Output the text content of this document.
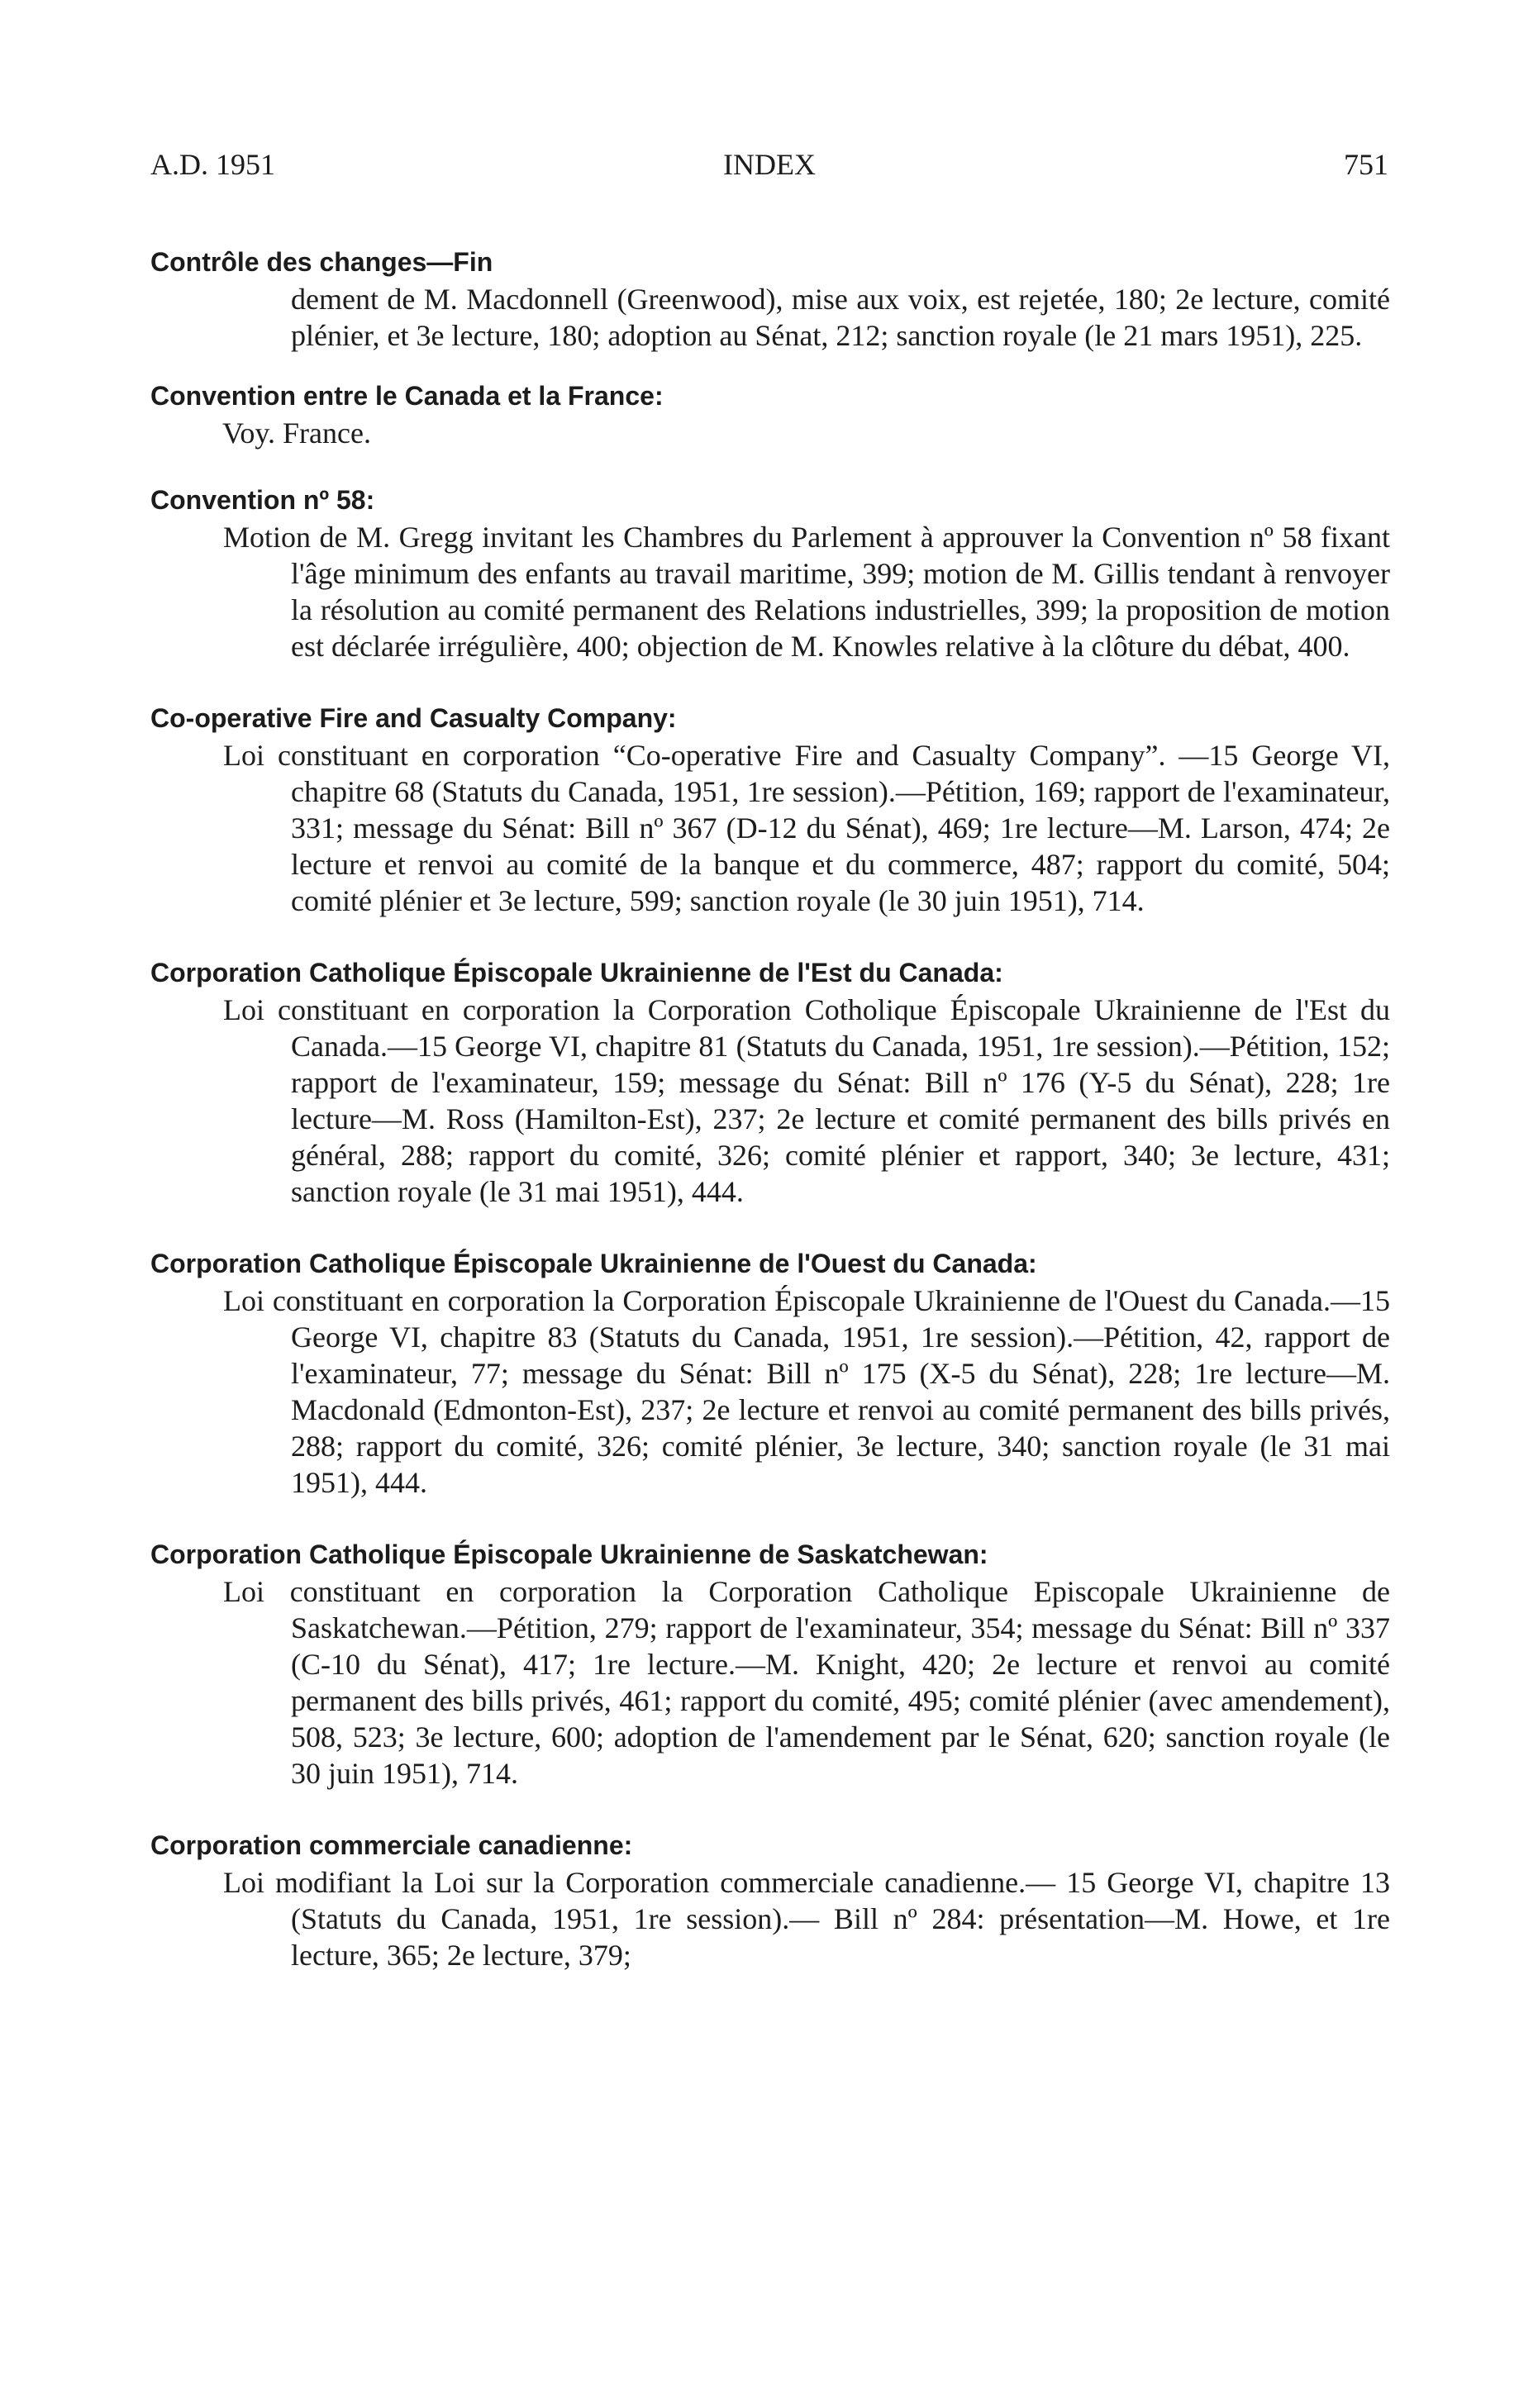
A.D. 1951	INDEX	751
Contrôle des changes—Fin

dement de M. Macdonnell (Greenwood), mise aux voix, est rejetée, 180; 2e lecture, comité plénier, et 3e lecture, 180; adoption au Sénat, 212; sanction royale (le 21 mars 1951), 225.

Convention entre le Canada et la France:

Voy. France.

Convention nº 58:

Motion de M. Gregg invitant les Chambres du Parlement à approuver la Convention nº 58 fixant l'âge minimum des enfants au travail maritime, 399; motion de M. Gillis tendant à renvoyer la résolution au comité permanent des Relations industrielles, 399; la proposition de motion est déclarée irrégulière, 400; objection de M. Knowles relative à la clôture du débat, 400.

Co-operative Fire and Casualty Company:

Loi constituant en corporation “Co-operative Fire and Casualty Company”. —15 George VI, chapitre 68 (Statuts du Canada, 1951, 1re session).—Pétition, 169; rapport de l'examinateur, 331; message du Sénat: Bill nº 367 (D-12 du Sénat), 469; 1re lecture—M. Larson, 474; 2e lecture et renvoi au comité de la banque et du commerce, 487; rapport du comité, 504; comité plénier et 3e lecture, 599; sanction royale (le 30 juin 1951), 714.

Corporation Catholique Épiscopale Ukrainienne de l'Est du Canada:

Loi constituant en corporation la Corporation Cotholique Épiscopale Ukrainienne de l'Est du Canada.—15 George VI, chapitre 81 (Statuts du Canada, 1951, 1re session).—Pétition, 152; rapport de l'examinateur, 159; message du Sénat: Bill nº 176 (Y-5 du Sénat), 228; 1re lecture—M. Ross (Hamilton-Est), 237; 2e lecture et comité permanent des bills privés en général, 288; rapport du comité, 326; comité plénier et rapport, 340; 3e lecture, 431; sanction royale (le 31 mai 1951), 444.

Corporation Catholique Épiscopale Ukrainienne de l'Ouest du Canada:

Loi constituant en corporation la Corporation Épiscopale Ukrainienne de l'Ouest du Canada.—15 George VI, chapitre 83 (Statuts du Canada, 1951, 1re session).—Pétition, 42, rapport de l'examinateur, 77; message du Sénat: Bill nº 175 (X-5 du Sénat), 228; 1re lecture—M. Macdonald (Edmonton-Est), 237; 2e lecture et renvoi au comité permanent des bills privés, 288; rapport du comité, 326; comité plénier, 3e lecture, 340; sanction royale (le 31 mai 1951), 444.

Corporation Catholique Épiscopale Ukrainienne de Saskatchewan:

Loi constituant en corporation la Corporation Catholique Episcopale Ukrainienne de Saskatchewan.—Pétition, 279; rapport de l'examinateur, 354; message du Sénat: Bill nº 337 (C-10 du Sénat), 417; 1re lecture.—M. Knight, 420; 2e lecture et renvoi au comité permanent des bills privés, 461; rapport du comité, 495; comité plénier (avec amendement), 508, 523; 3e lecture, 600; adoption de l'amendement par le Sénat, 620; sanction royale (le 30 juin 1951), 714.

Corporation commerciale canadienne:

Loi modifiant la Loi sur la Corporation commerciale canadienne.— 15 George VI, chapitre 13 (Statuts du Canada, 1951, 1re session).— Bill nº 284: présentation—M. Howe, et 1re lecture, 365; 2e lecture, 379;
